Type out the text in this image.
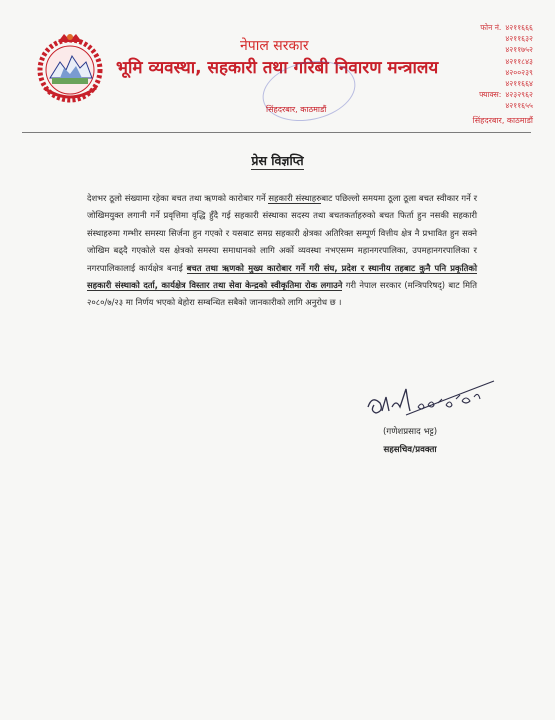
नेपाल सरकार
भूमि व्यवस्था, सहकारी तथा गरिबी निवारण मन्त्रालय
सिंहदरबार, काठमाडौं
फोन नं. ४२११६६६
४२११६३२
४२११७५२
४२११८४३
४२००२३९
४२११६६४
फ्याक्स: ४२३२९६२
४२११६५५
सिंहदरबार, काठमाडौं
प्रेस विज्ञप्ति
देशभर ठूलो संख्यामा रहेका बचत तथा ऋणको कारोबार गर्ने सहकारी संस्थाहरुबाट पछिल्लो समयमा ठूला ठूला बचत स्वीकार गर्ने र जोखिमयुक्त लगानी गर्ने प्रवृत्तिमा वृद्धि हुँदै गई सहकारी संस्थाका सदस्य तथा बचतकर्ताहरुको बचत फिर्ता हुन नसकी सहकारी संस्थाहरुमा गम्भीर समस्या सिर्जना हुन गएको र यसबाट समग्र सहकारी क्षेत्रका अतिरिक्त सम्पूर्ण वित्तीय क्षेत्र नै प्रभावित हुन सक्ने जोखिम बढ्दै गएकोले यस क्षेत्रको समस्या समाधानको लागि अर्को व्यवस्था नभएसम्म महानगरपालिका, उपमहानगरपालिका र नगरपालिकालाई कार्यक्षेत्र बनाई बचत तथा ऋणको मुख्य कारोबार गर्ने गरी संघ, प्रदेश र स्थानीय तहबाट कुनै पनि प्रकृतिको सहकारी संस्थाको दर्ता, कार्यक्षेत्र विस्तार तथा सेवा केन्द्रको स्वीकृतिमा रोक लगाउने गरी नेपाल सरकार (मन्त्रिपरिषद्) बाट मिति २०८०/७/२३ मा निर्णय भएको बेहोरा सम्बन्धित सबैको जानकारीको लागि अनुरोध छ ।
(गणेशप्रसाद भट्ट)
सहसचिव/प्रवक्ता
